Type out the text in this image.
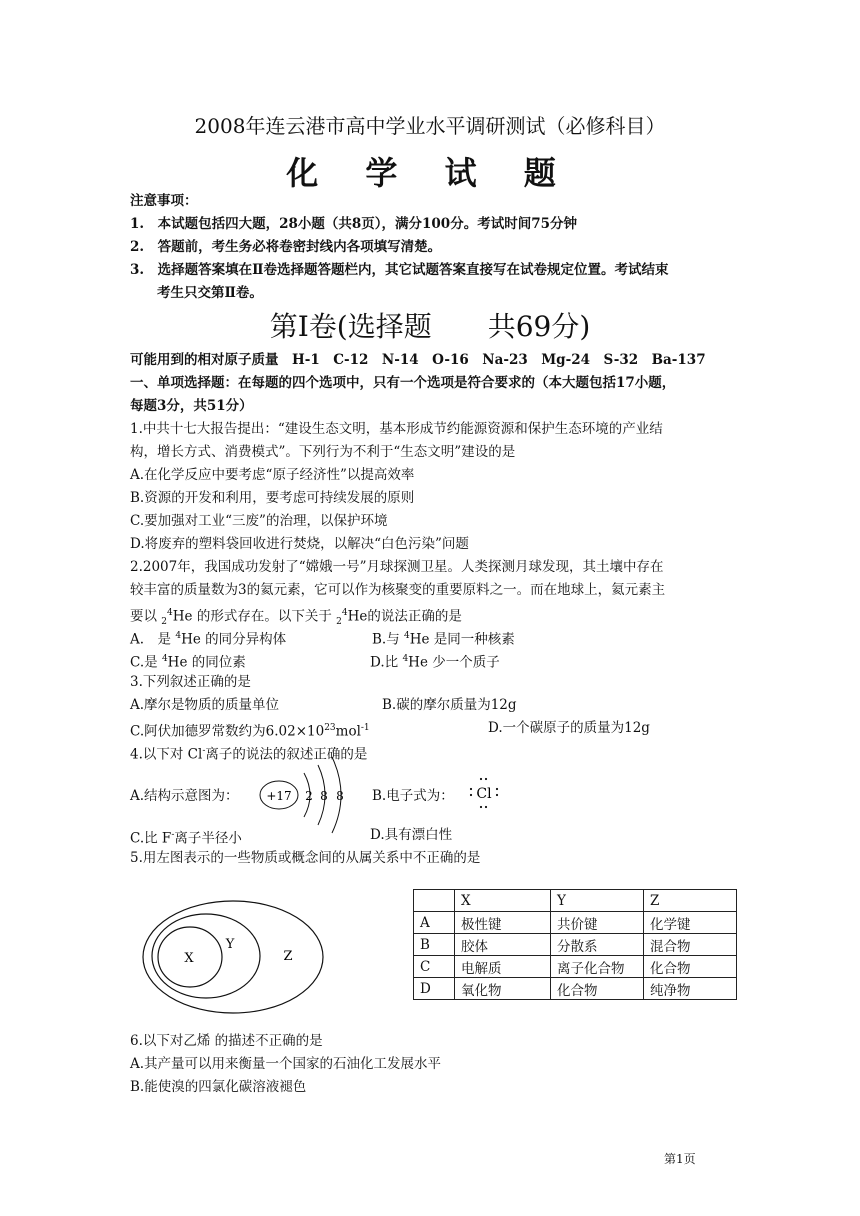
2008年连云港市高中学业水平调研测试（必修科目）
化 学 试 题
注意事项：
1.　本试题包括四大题，28小题（共8页），满分100分。考试时间75分钟
2.　答题前，考生务必将卷密封线内各项填写清楚。
3.　选择题答案填在Ⅱ卷选择题答题栏内，其它试题答案直接写在试卷规定位置。考试结束
　　考生只交第Ⅱ卷。
第Ⅰ卷(选择题　　共69分)
可能用到的相对原子质量　H-1　C-12　N-14　O-16　Na-23　Mg-24　S-32　Ba-137
一、单项选择题：在每题的四个选项中，只有一个选项是符合要求的（本大题包括17小题，
每题3分，共51分）
1.中共十七大报告提出：“建设生态文明，基本形成节约能源资源和保护生态环境的产业结
构，增长方式、消费模式”。下列行为不利于“生态文明”建设的是
A.在化学反应中要考虑“原子经济性”以提高效率
B.资源的开发和利用，要考虑可持续发展的原则
C.要加强对工业“三废”的治理，以保护环境
D.将废弃的塑料袋回收进行焚烧，以解决“白色污染”问题
2.2007年，我国成功发射了“嫦娥一号”月球探测卫星。人类探测月球发现，其土壤中存在
较丰富的质量数为3的氦元素，它可以作为核聚变的重要原料之一。而在地球上，氦元素主
要以 $_2^4$He 的形式存在。以下关于 $_2^4$He的说法正确的是
A.　是 $^4$He 的同分异构体	B.与 $^4$He 是同一种核素
C.是 $^4$He 的同位素	D.比 $^4$He 少一个质子
3.下列叙述正确的是
A.摩尔是物质的质量单位	B.碳的摩尔质量为12g
C.阿伏加德罗常数约为$6.02\times 10^{23}mol^{-1}$	D.一个碳原子的质量为12g
4.以下对 Cl-离子的说法的叙述正确的是
A.结构示意图为： +17 2 8 8 B.电子式为： Cl
C.比 F-离子半径小	D.具有漂白性
5.用左图表示的一些物质或概念间的从属关系中不正确的是
X
Y
Z
	X	Y	Z
A	极性键	共价键	化学键
B	胶体	分散系	混合物
C	电解质	离子化合物	化合物
D	氧化物	化合物	纯净物
6.以下对乙烯 的描述不正确的是
A.其产量可以用来衡量一个国家的石油化工发展水平
B.能使溴的四氯化碳溶液褪色
第1页
